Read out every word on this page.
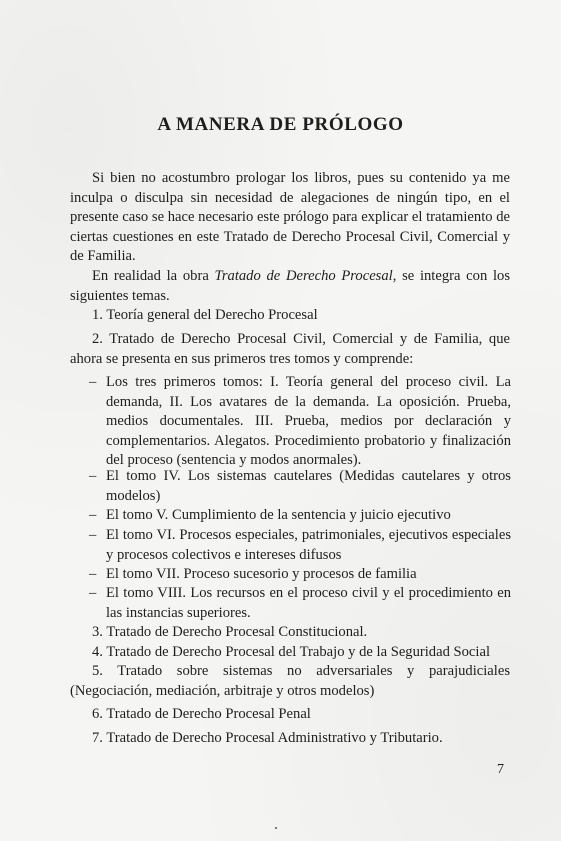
A MANERA DE PRÓLOGO

Si bien no acostumbro prologar los libros, pues su contenido ya me inculpa o disculpa sin necesidad de alegaciones de ningún tipo, en el presente caso se hace necesario este prólogo para explicar el tratamiento de ciertas cuestiones en este Tratado de Derecho Procesal Civil, Comercial y de Familia.

En realidad la obra Tratado de Derecho Procesal, se integra con los siguientes temas.

1. Teoría general del Derecho Procesal

2. Tratado de Derecho Procesal Civil, Comercial y de Familia, que ahora se presenta en sus primeros tres tomos y comprende:

– Los tres primeros tomos: I. Teoría general del proceso civil. La demanda, II. Los avatares de la demanda. La oposición. Prueba, medios documentales. III. Prueba, medios por declaración y complementarios. Alegatos. Procedimiento probatorio y finalización del proceso (sentencia y modos anormales).

– El tomo IV. Los sistemas cautelares (Medidas cautelares y otros modelos)

– El tomo V. Cumplimiento de la sentencia y juicio ejecutivo

– El tomo VI. Procesos especiales, patrimoniales, ejecutivos especiales y procesos colectivos e intereses difusos

– El tomo VII. Proceso sucesorio y procesos de familia

– El tomo VIII. Los recursos en el proceso civil y el procedimiento en las instancias superiores.

3. Tratado de Derecho Procesal Constitucional.

4. Tratado de Derecho Procesal del Trabajo y de la Seguridad Social

5. Tratado sobre sistemas no adversariales y parajudiciales (Negociación, mediación, arbitraje y otros modelos)

6. Tratado de Derecho Procesal Penal

7. Tratado de Derecho Procesal Administrativo y Tributario.

7
